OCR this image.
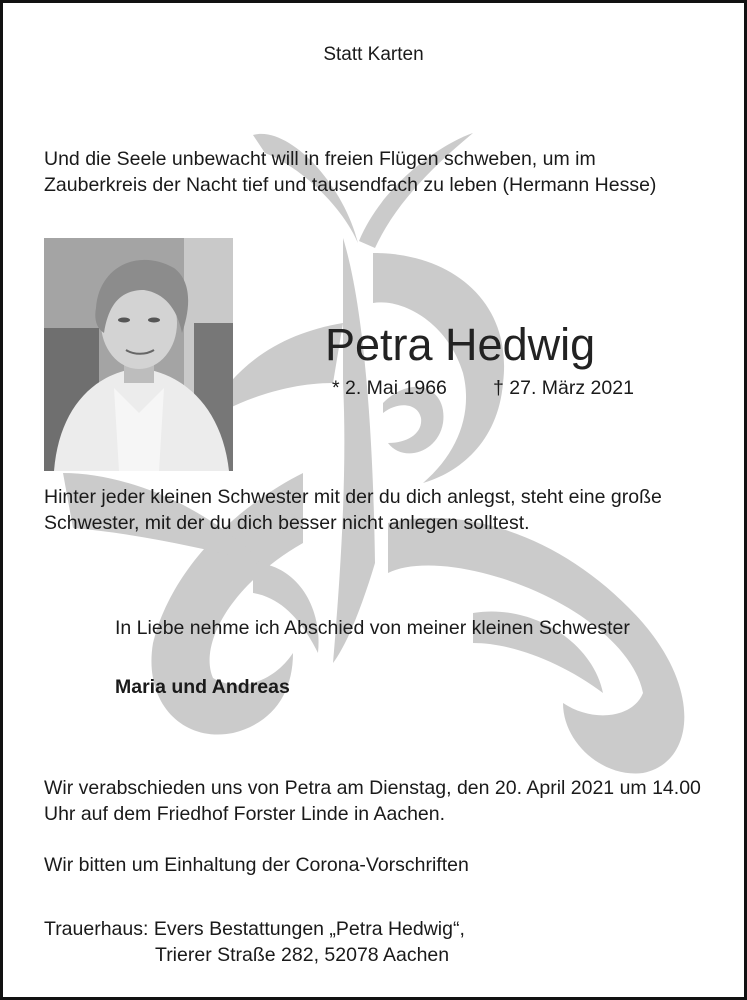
Statt Karten
Und die Seele unbewacht will in freien Flügen schweben, um im Zauberkreis der Nacht tief und tausendfach zu leben (Hermann Hesse)
Petra Hedwig
* 2. Mai 1966 † 27. März 2021
Hinter jeder kleinen Schwester mit der du dich anlegst, steht eine große Schwester, mit der du dich besser nicht anlegen solltest.
In Liebe nehme ich Abschied von meiner kleinen Schwester
Maria und Andreas
Wir verabschieden uns von Petra am Dienstag, den 20. April 2021 um 14.00 Uhr auf dem Friedhof Forster Linde in Aachen.
Wir bitten um Einhaltung der Corona-Vorschriften
Trauerhaus: Evers Bestattungen „Petra Hedwig“,
Trierer Straße 282, 52078 Aachen
